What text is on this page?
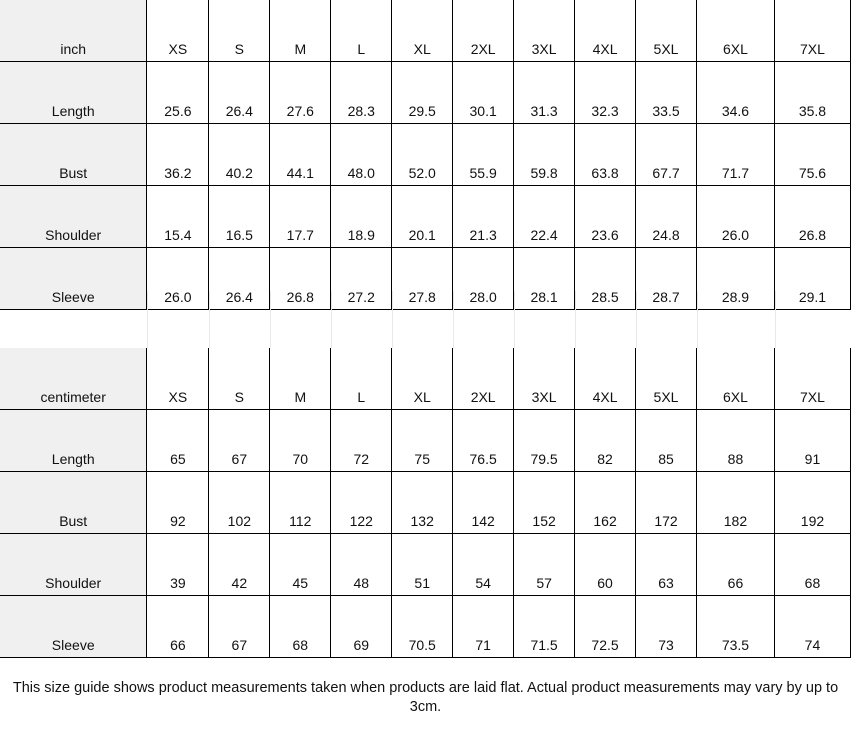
inch	XS	S	M	L	XL	2XL	3XL	4XL	5XL	6XL	7XL
Length	25.6	26.4	27.6	28.3	29.5	30.1	31.3	32.3	33.5	34.6	35.8
Bust	36.2	40.2	44.1	48.0	52.0	55.9	59.8	63.8	67.7	71.7	75.6
Shoulder	15.4	16.5	17.7	18.9	20.1	21.3	22.4	23.6	24.8	26.0	26.8
Sleeve	26.0	26.4	26.8	27.2	27.8	28.0	28.1	28.5	28.7	28.9	29.1
centimeter	XS	S	M	L	XL	2XL	3XL	4XL	5XL	6XL	7XL
Length	65	67	70	72	75	76.5	79.5	82	85	88	91
Bust	92	102	112	122	132	142	152	162	172	182	192
Shoulder	39	42	45	48	51	54	57	60	63	66	68
Sleeve	66	67	68	69	70.5	71	71.5	72.5	73	73.5	74
This size guide shows product measurements taken when products are laid flat. Actual product measurements may vary by up to 3cm.
